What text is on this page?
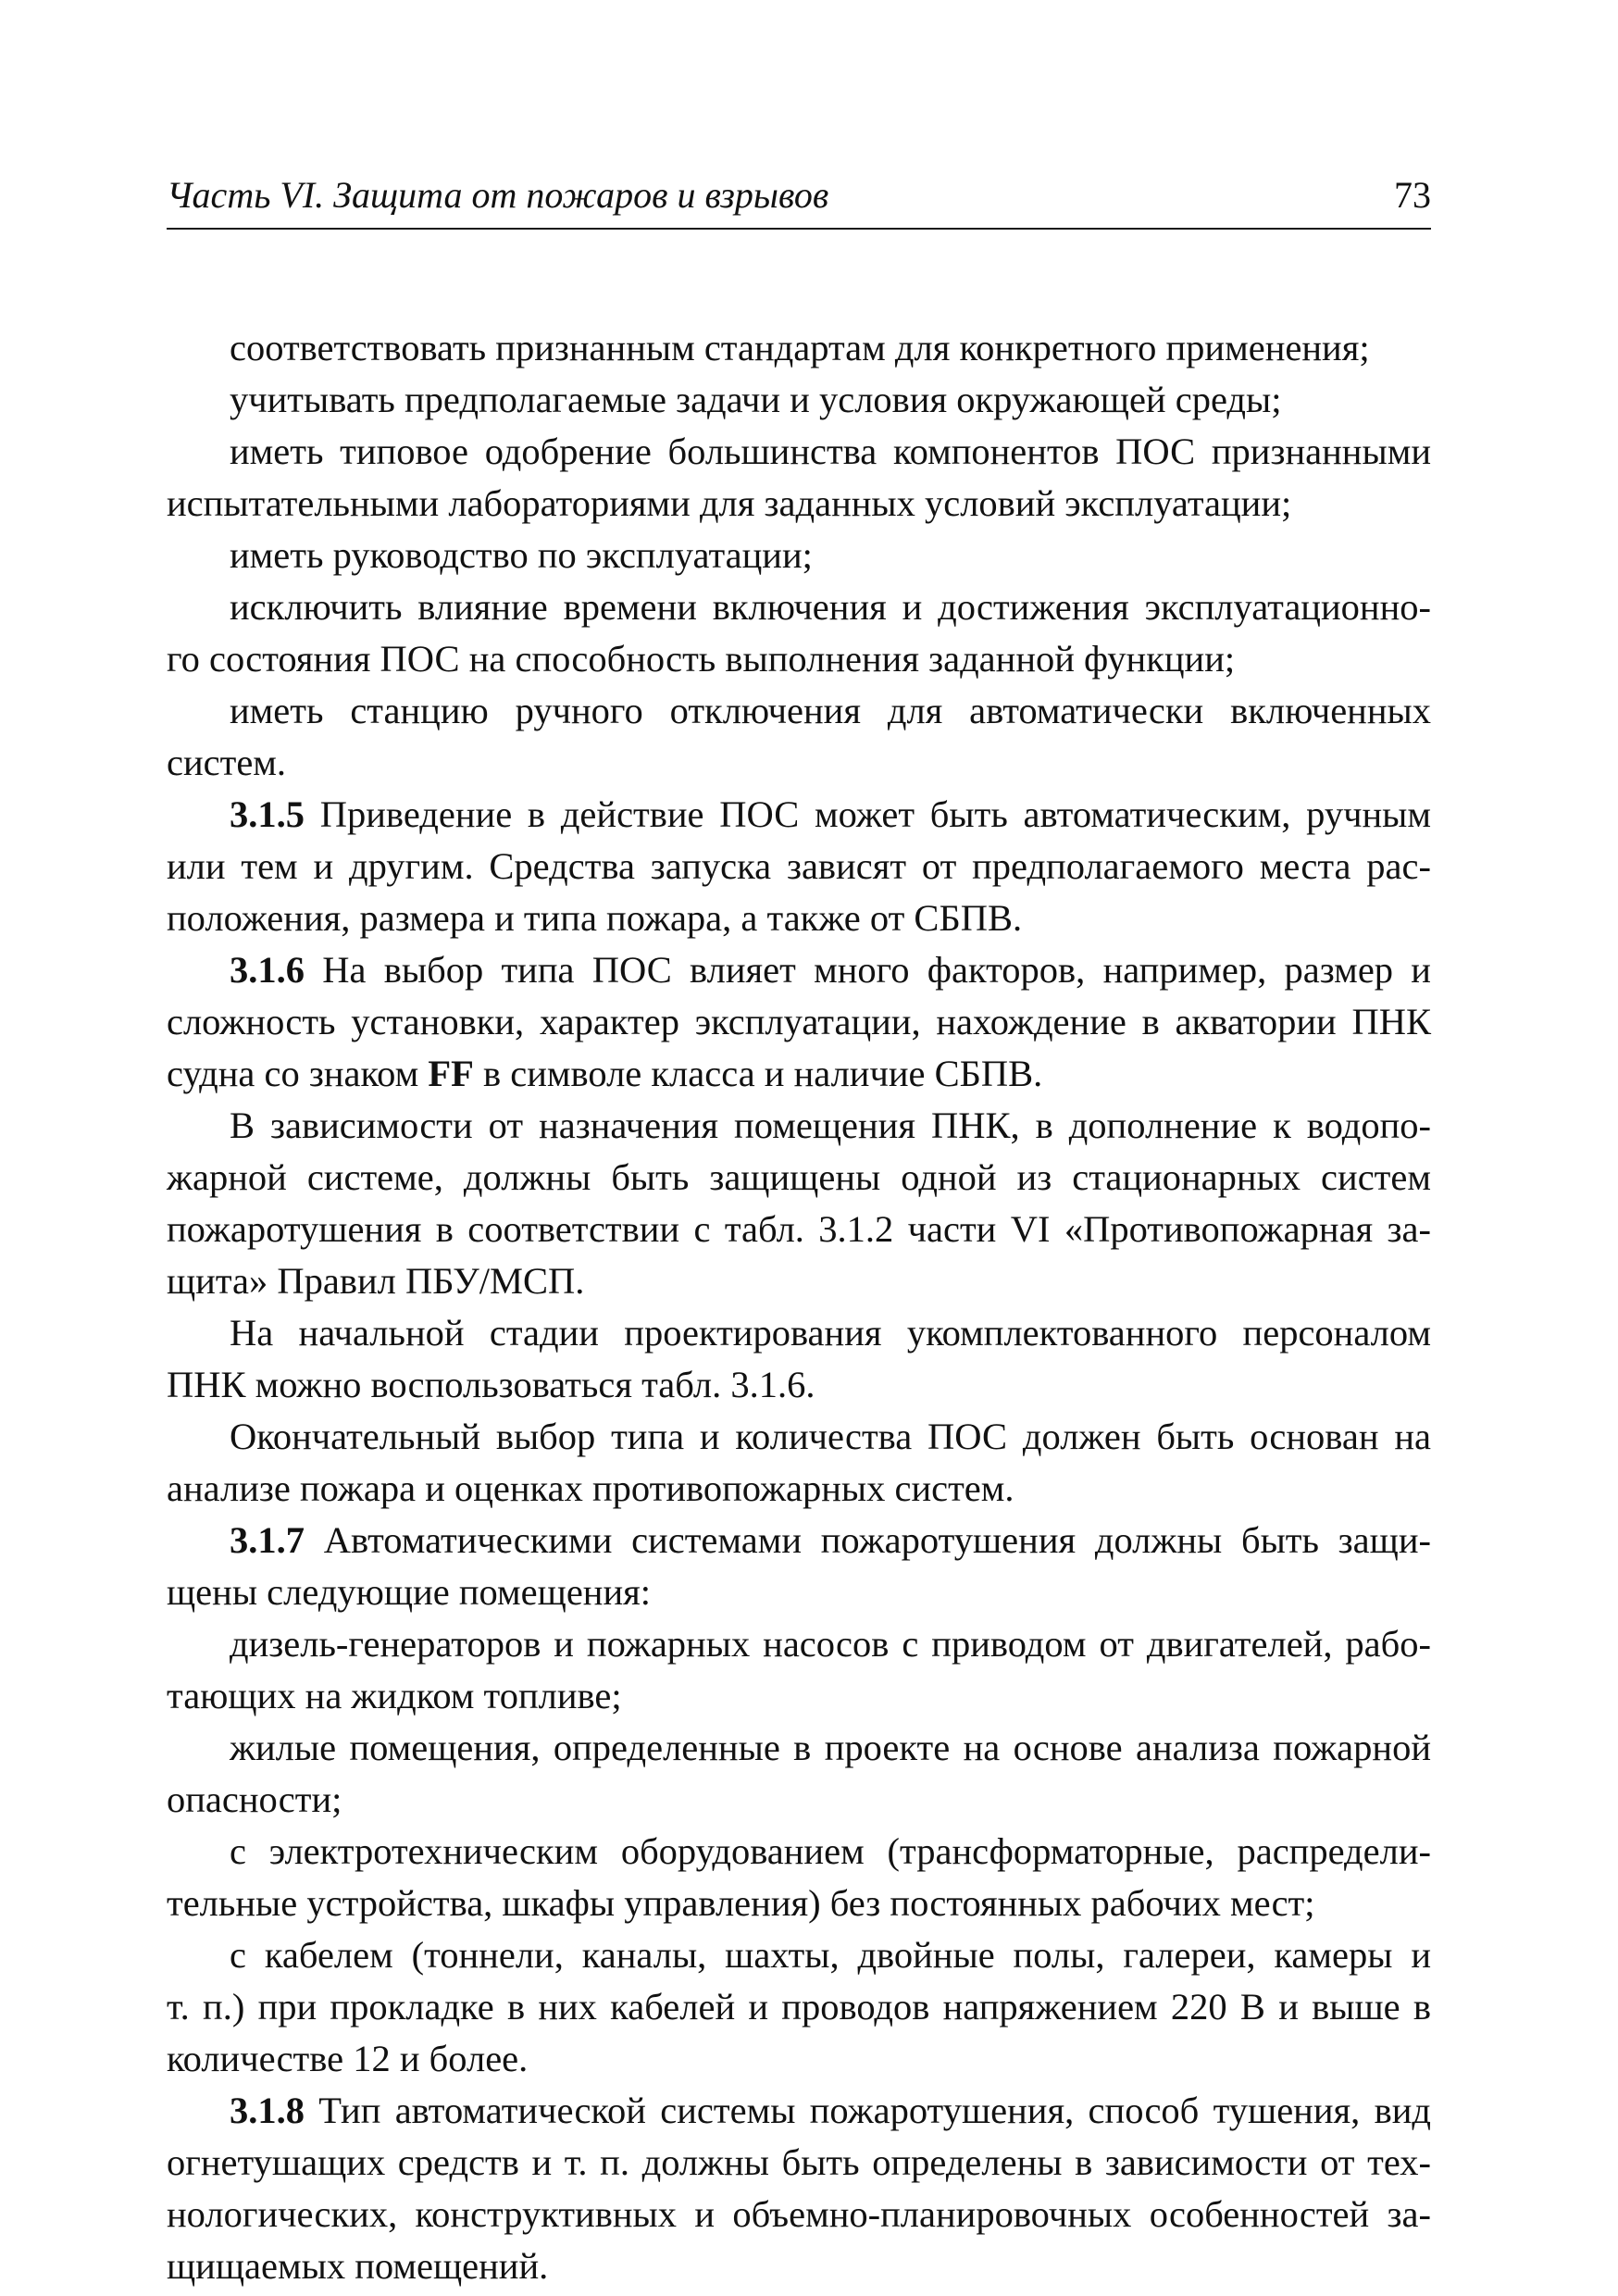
Часть VI. Защита от пожаров и взрывов	73
соответствовать признанным стандартам для конкретного применения;
учитывать предполагаемые задачи и условия окружающей среды;
иметь типовое одобрение большинства компонентов ПОС признанными
испытательными лабораториями для заданных условий эксплуатации;
иметь руководство по эксплуатации;
исключить влияние времени включения и достижения эксплуатационно-
го состояния ПОС на способность выполнения заданной функции;
иметь станцию ручного отключения для автоматически включенных
систем.
3.1.5 Приведение в действие ПОС может быть автоматическим, ручным
или тем и другим. Средства запуска зависят от предполагаемого места рас-
положения, размера и типа пожара, а также от СБПВ.
3.1.6 На выбор типа ПОС влияет много факторов, например, размер и
сложность установки, характер эксплуатации, нахождение в акватории ПНК
судна со знаком FF в символе класса и наличие СБПВ.
В зависимости от назначения помещения ПНК, в дополнение к водопо-
жарной системе, должны быть защищены одной из стационарных систем
пожаротушения в соответствии с табл. 3.1.2 части VI «Противопожарная за-
щита» Правил ПБУ/МСП.
На начальной стадии проектирования укомплектованного персоналом
ПНК можно воспользоваться табл. 3.1.6.
Окончательный выбор типа и количества ПОС должен быть основан на
анализе пожара и оценках противопожарных систем.
3.1.7 Автоматическими системами пожаротушения должны быть защи-
щены следующие помещения:
дизель-генераторов и пожарных насосов с приводом от двигателей, рабо-
тающих на жидком топливе;
жилые помещения, определенные в проекте на основе анализа пожарной
опасности;
с электротехническим оборудованием (трансформаторные, распредели-
тельные устройства, шкафы управления) без постоянных рабочих мест;
с кабелем (тоннели, каналы, шахты, двойные полы, галереи, камеры и
т. п.) при прокладке в них кабелей и проводов напряжением 220 В и выше в
количестве 12 и более.
3.1.8 Тип автоматической системы пожаротушения, способ тушения, вид
огнетушащих средств и т. п. должны быть определены в зависимости от тех-
нологических, конструктивных и объемно-планировочных особенностей за-
щищаемых помещений.
